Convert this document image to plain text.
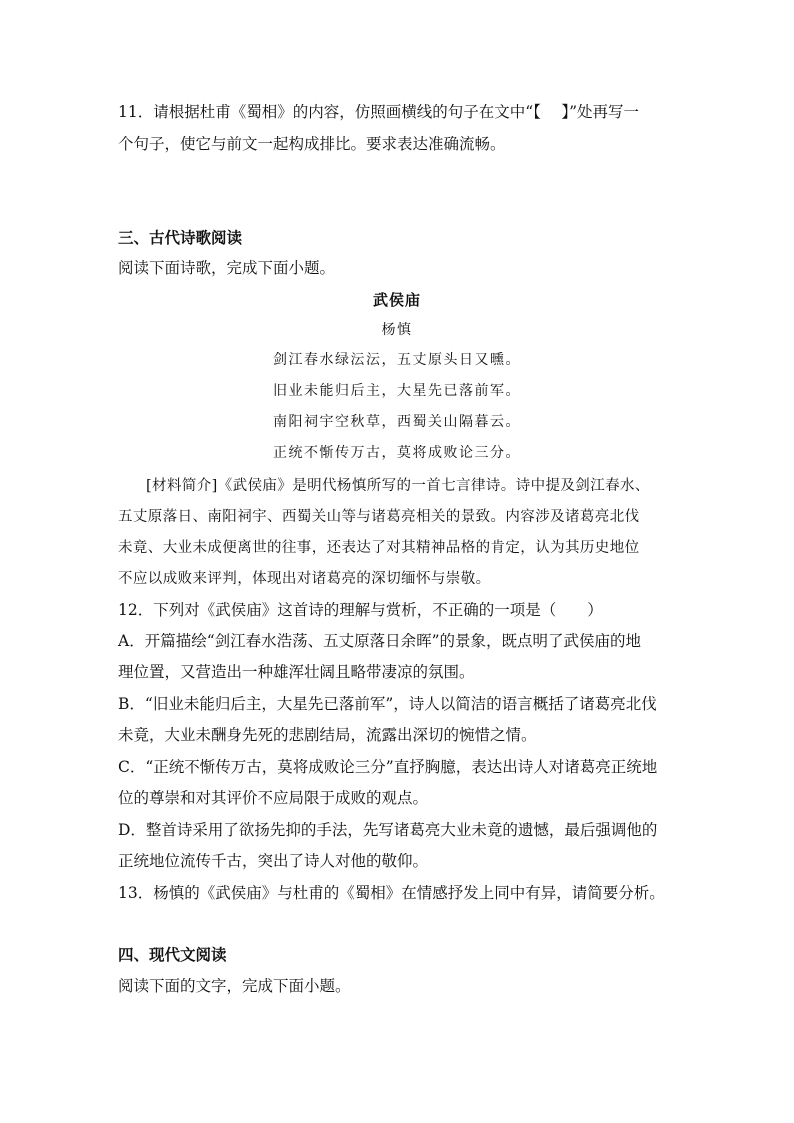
11．请根据杜甫《蜀相》的内容，仿照画横线的句子在文中“【　 】”处再写一
个句子，使它与前文一起构成排比。要求表达准确流畅。
三、古代诗歌阅读
阅读下面诗歌，完成下面小题。
武侯庙
杨慎
剑江春水绿沄沄，五丈原头日又曛。
旧业未能归后主，大星先已落前军。
南阳祠宇空秋草，西蜀关山隔暮云。
正统不惭传万古，莫将成败论三分。
[材料简介]《武侯庙》是明代杨慎所写的一首七言律诗。诗中提及剑江春水、
五丈原落日、南阳祠宇、西蜀关山等与诸葛亮相关的景致。内容涉及诸葛亮北伐
未竟、大业未成便离世的往事，还表达了对其精神品格的肯定，认为其历史地位
不应以成败来评判，体现出对诸葛亮的深切缅怀与崇敬。
12．下列对《武侯庙》这首诗的理解与赏析，不正确的一项是（　　）
A．开篇描绘“剑江春水浩荡、五丈原落日余晖”的景象，既点明了武侯庙的地
理位置，又营造出一种雄浑壮阔且略带凄凉的氛围。
B．“旧业未能归后主，大星先已落前军”，诗人以简洁的语言概括了诸葛亮北伐
未竟，大业未酬身先死的悲剧结局，流露出深切的惋惜之情。
C．“正统不惭传万古，莫将成败论三分”直抒胸臆，表达出诗人对诸葛亮正统地
位的尊崇和对其评价不应局限于成败的观点。
D．整首诗采用了欲扬先抑的手法，先写诸葛亮大业未竟的遗憾，最后强调他的
正统地位流传千古，突出了诗人对他的敬仰。
13．杨慎的《武侯庙》与杜甫的《蜀相》在情感抒发上同中有异，请简要分析。
四、现代文阅读
阅读下面的文字，完成下面小题。
